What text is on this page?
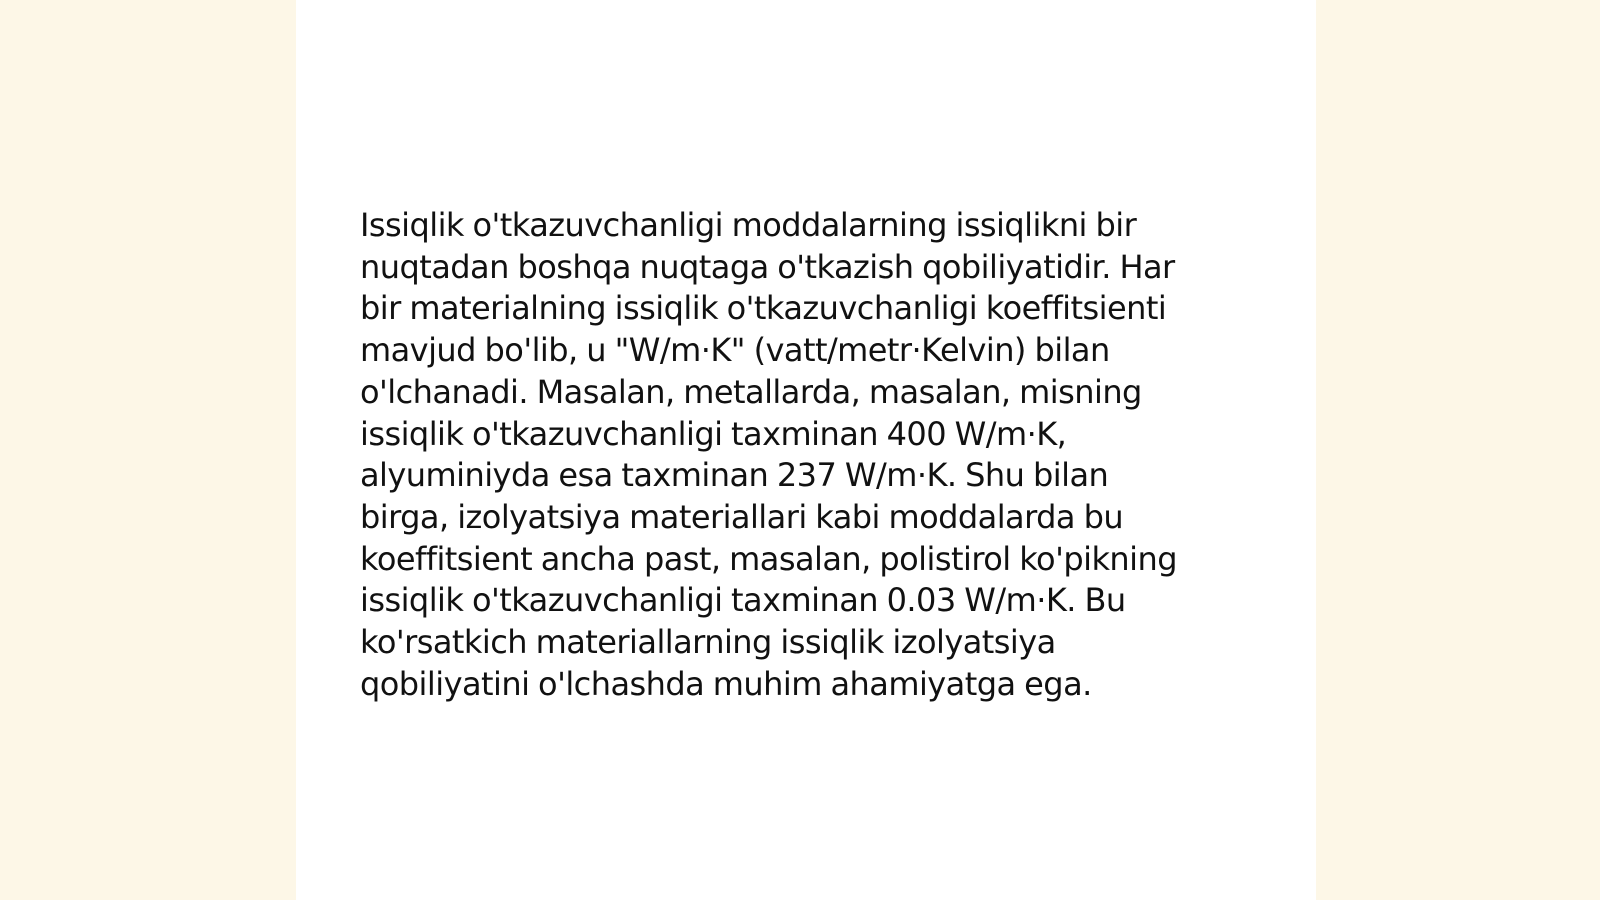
Issiqlik o'tkazuvchanligi moddalarning issiqlikni bir
nuqtadan boshqa nuqtaga o'tkazish qobiliyatidir. Har
bir materialning issiqlik o'tkazuvchanligi koeffitsienti
mavjud bo'lib, u "W/m·K" (vatt/metr·Kelvin) bilan
o'lchanadi. Masalan, metallarda, masalan, misning
issiqlik o'tkazuvchanligi taxminan 400 W/m·K,
alyuminiyda esa taxminan 237 W/m·K. Shu bilan
birga, izolyatsiya materiallari kabi moddalarda bu
koeffitsient ancha past, masalan, polistirol ko'pikning
issiqlik o'tkazuvchanligi taxminan 0.03 W/m·K. Bu
ko'rsatkich materiallarning issiqlik izolyatsiya
qobiliyatini o'lchashda muhim ahamiyatga ega.
